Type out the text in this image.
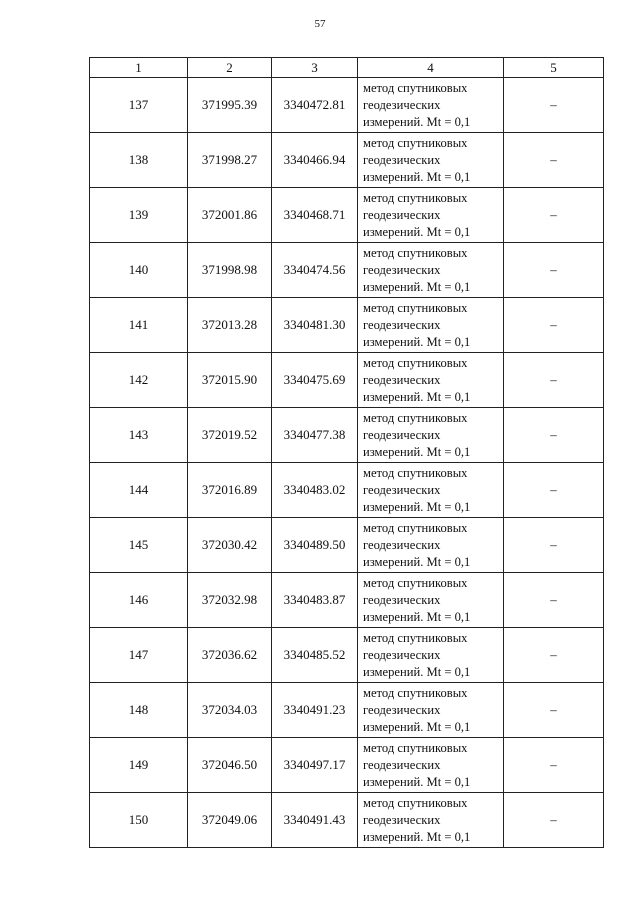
57
1	2	3	4	5
137	371995.39	3340472.81	метод спутниковых
геодезических
измерений. Mt = 0,1	–
138	371998.27	3340466.94	метод спутниковых
геодезических
измерений. Mt = 0,1	–
139	372001.86	3340468.71	метод спутниковых
геодезических
измерений. Mt = 0,1	–
140	371998.98	3340474.56	метод спутниковых
геодезических
измерений. Mt = 0,1	–
141	372013.28	3340481.30	метод спутниковых
геодезических
измерений. Mt = 0,1	–
142	372015.90	3340475.69	метод спутниковых
геодезических
измерений. Mt = 0,1	–
143	372019.52	3340477.38	метод спутниковых
геодезических
измерений. Mt = 0,1	–
144	372016.89	3340483.02	метод спутниковых
геодезических
измерений. Mt = 0,1	–
145	372030.42	3340489.50	метод спутниковых
геодезических
измерений. Mt = 0,1	–
146	372032.98	3340483.87	метод спутниковых
геодезических
измерений. Mt = 0,1	–
147	372036.62	3340485.52	метод спутниковых
геодезических
измерений. Mt = 0,1	–
148	372034.03	3340491.23	метод спутниковых
геодезических
измерений. Mt = 0,1	–
149	372046.50	3340497.17	метод спутниковых
геодезических
измерений. Mt = 0,1	–
150	372049.06	3340491.43	метод спутниковых
геодезических
измерений. Mt = 0,1	–
